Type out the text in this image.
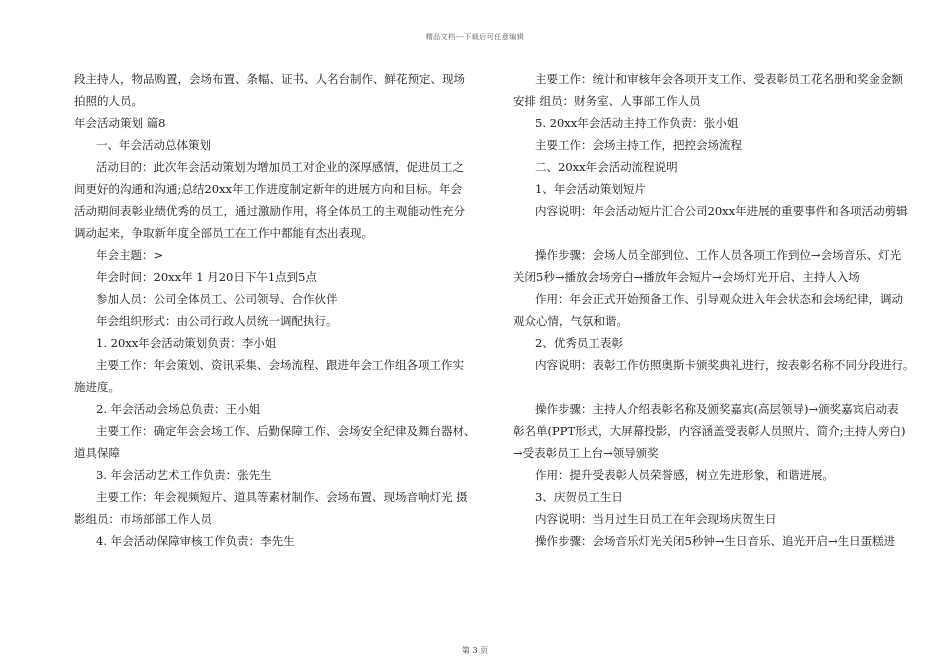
精品文档---下载后可任意编辑

段主持人，物品购置，会场布置、条幅、证书、人名台制作、鲜花预定、现场

拍照的人员。

年会活动策划 篇8

一、年会活动总体策划

活动目的：此次年会活动策划为增加员工对企业的深厚感情，促进员工之

间更好的沟通和沟通;总结20xx年工作进度制定新年的进展方向和目标。年会

活动期间表彰业绩优秀的员工，通过激励作用，将全体员工的主观能动性充分

调动起来，争取新年度全部员工在工作中都能有杰出表现。

年会主题：>

年会时间：20xx年 1 月20日下午1点到5点

参加人员：公司全体员工、公司领导、合作伙伴

年会组织形式：由公司行政人员统一调配执行。

1. 20xx年会活动策划负责：李小姐

主要工作：年会策划、资讯采集、会场流程、跟进年会工作组各项工作实

施进度。

2. 年会活动会场总负责：王小姐

主要工作：确定年会会场工作、后勤保障工作、会场安全纪律及舞台器材、

道具保障

3. 年会活动艺术工作负责：张先生

主要工作：年会视频短片、道具等素材制作、会场布置、现场音响灯光 摄

影组员：市场部部工作人员

4. 年会活动保障审核工作负责：李先生

主要工作：统计和审核年会各项开支工作、受表彰员工花名册和奖金金额

安排 组员：财务室、人事部工作人员

5. 20xx年会活动主持工作负责：张小姐

主要工作：会场主持工作，把控会场流程

二、20xx年会活动流程说明

1、年会活动策划短片

内容说明：年会活动短片汇合公司20xx年进展的重要事件和各项活动剪辑

操作步骤：会场人员全部到位、工作人员各项工作到位→会场音乐、灯光

关闭5秒→播放会场旁白→播放年会短片→会场灯光开启、主持人入场

作用：年会正式开始预备工作、引导观众进入年会状态和会场纪律，调动

观众心情，气氛和谐。

2、优秀员工表彰

内容说明：表彰工作仿照奥斯卡颁奖典礼进行，按表彰名称不同分段进行。

操作步骤：主持人介绍表彰名称及颁奖嘉宾(高层领导)→颁奖嘉宾启动表

彰名单(PPT形式，大屏幕投影，内容涵盖受表彰人员照片、简介;主持人旁白)

→受表彰员工上台→领导颁奖

作用：提升受表彰人员荣誉感，树立先进形象，和谐进展。

3、庆贺员工生日

内容说明：当月过生日员工在年会现场庆贺生日

操作步骤：会场音乐灯光关闭5秒钟→生日音乐、追光开启→生日蛋糕进

第 3 页
